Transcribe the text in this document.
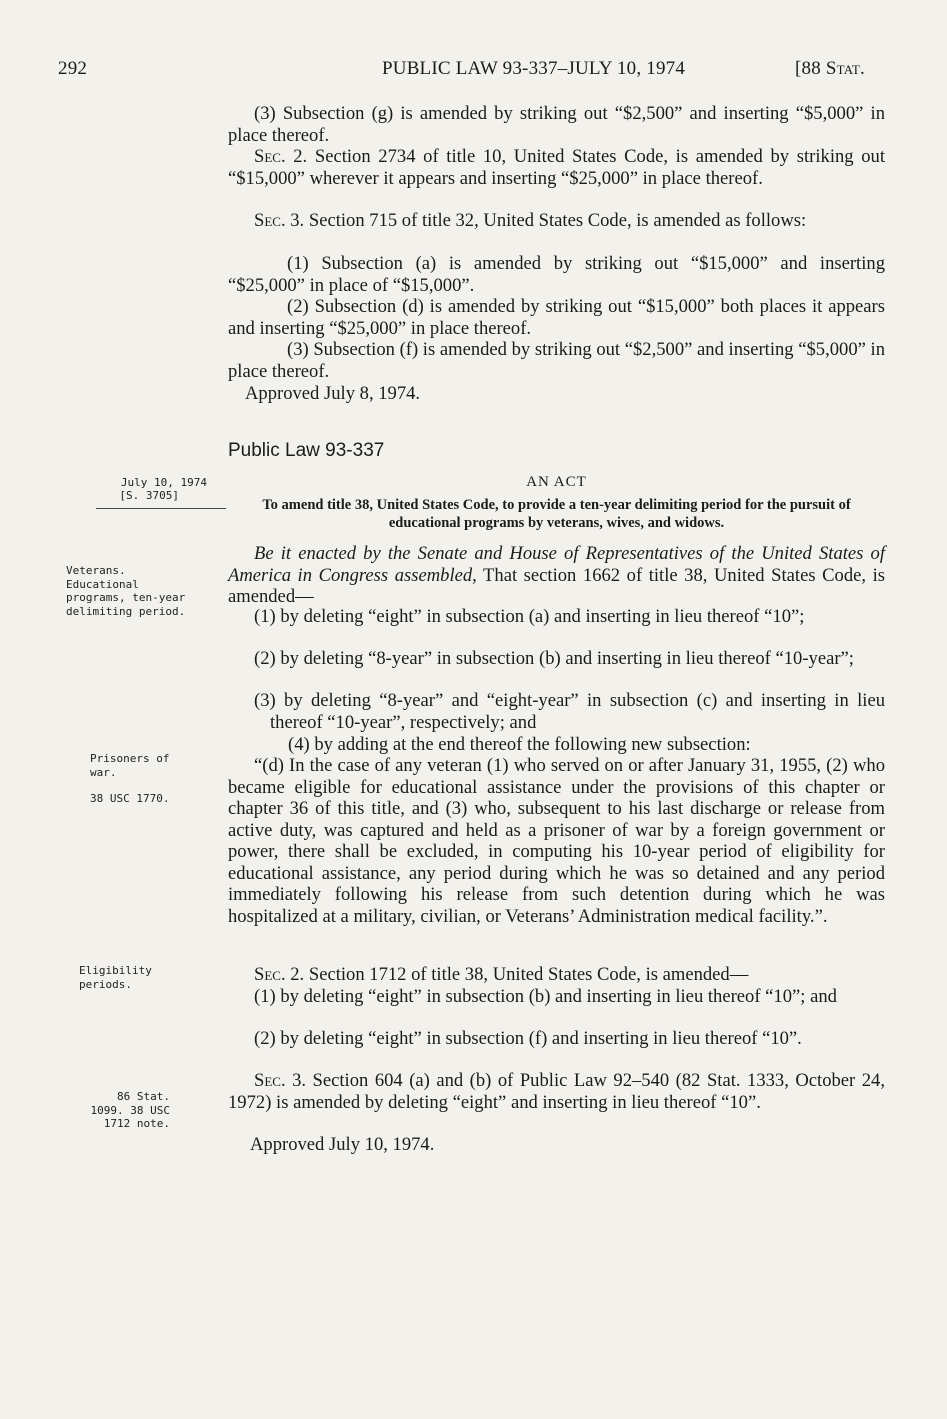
292	PUBLIC LAW 93-337–JULY 10, 1974	[88 Stat.
(3) Subsection (g) is amended by striking out “$2,500” and inserting “$5,000” in place thereof.
Sec. 2. Section 2734 of title 10, United States Code, is amended by striking out “$15,000” wherever it appears and inserting “$25,000” in place thereof.
Sec. 3. Section 715 of title 32, United States Code, is amended as follows:
(1) Subsection (a) is amended by striking out “$15,000” and inserting “$25,000” in place of “$15,000”.
(2) Subsection (d) is amended by striking out “$15,000” both places it appears and inserting “$25,000” in place thereof.
(3) Subsection (f) is amended by striking out “$2,500” and inserting “$5,000” in place thereof.
Approved July 8, 1974.
Public Law 93-337
AN ACT
To amend title 38, United States Code, to provide a ten-year delimiting period for the pursuit of educational programs by veterans, wives, and widows.
Be it enacted by the Senate and House of Representatives of the United States of America in Congress assembled, That section 1662 of title 38, United States Code, is amended—
(1) by deleting “eight” in subsection (a) and inserting in lieu thereof “10”;
(2) by deleting “8-year” in subsection (b) and inserting in lieu thereof “10-year”;
(3) by deleting “8-year” and “eight-year” in subsection (c) and inserting in lieu thereof “10-year”, respectively; and
(4) by adding at the end thereof the following new subsection:
“(d) In the case of any veteran (1) who served on or after January 31, 1955, (2) who became eligible for educational assistance under the provisions of this chapter or chapter 36 of this title, and (3) who, subsequent to his last discharge or release from active duty, was captured and held as a prisoner of war by a foreign government or power, there shall be excluded, in computing his 10-year period of eligibility for educational assistance, any period during which he was so detained and any period immediately following his release from such detention during which he was hospitalized at a military, civilian, or Veterans’ Administration medical facility.”.
Sec. 2. Section 1712 of title 38, United States Code, is amended—
(1) by deleting “eight” in subsection (b) and inserting in lieu thereof “10”; and
(2) by deleting “eight” in subsection (f) and inserting in lieu thereof “10”.
Sec. 3. Section 604 (a) and (b) of Public Law 92–540 (82 Stat. 1333, October 24, 1972) is amended by deleting “eight” and inserting in lieu thereof “10”.
Approved July 10, 1974.
July 10, 1974
[S. 3705]
Veterans. Educational programs, ten-year delimiting period.
Prisoners of war.
38 USC 1770.
Eligibility periods.
86 Stat. 1099. 38 USC 1712 note.
